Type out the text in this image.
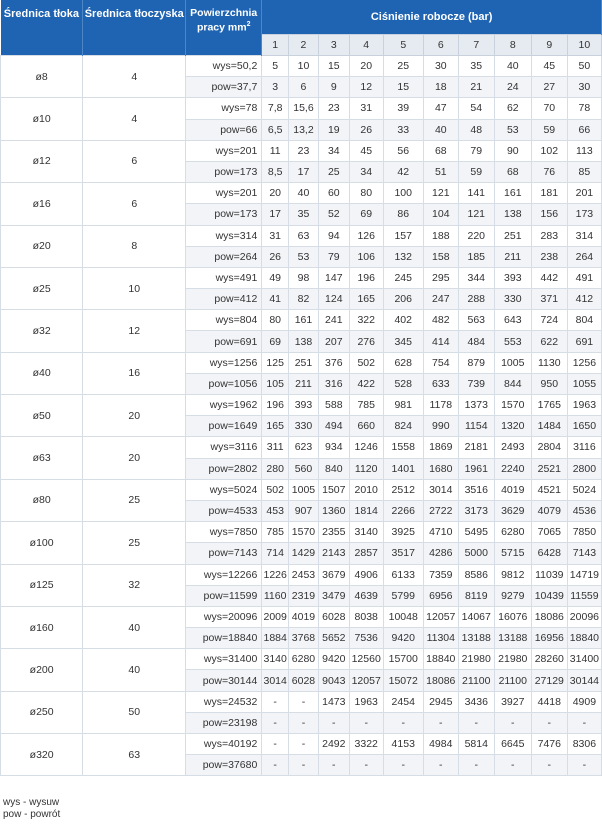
Średnica tłoka	Średnica tłoczyska	Powierzchnia
pracy $mm^2$	Ciśnienie robocze (bar)									
			1	2	3	4	5	6	7	8	9	10
ø8	4	wys=50,2	5	10	15	20	25	30	35	40	45	50
		pow=37,7	3	6	9	12	15	18	21	24	27	30
ø10	4	wys=78	7,8	15,6	23	31	39	47	54	62	70	78
		pow=66	6,5	13,2	19	26	33	40	48	53	59	66
ø12	6	wys=201	11	23	34	45	56	68	79	90	102	113
		pow=173	8,5	17	25	34	42	51	59	68	76	85
ø16	6	wys=201	20	40	60	80	100	121	141	161	181	201
		pow=173	17	35	52	69	86	104	121	138	156	173
ø20	8	wys=314	31	63	94	126	157	188	220	251	283	314
		pow=264	26	53	79	106	132	158	185	211	238	264
ø25	10	wys=491	49	98	147	196	245	295	344	393	442	491
		pow=412	41	82	124	165	206	247	288	330	371	412
ø32	12	wys=804	80	161	241	322	402	482	563	643	724	804
		pow=691	69	138	207	276	345	414	484	553	622	691
ø40	16	wys=1256	125	251	376	502	628	754	879	1005	1130	1256
		pow=1056	105	211	316	422	528	633	739	844	950	1055
ø50	20	wys=1962	196	393	588	785	981	1178	1373	1570	1765	1963
		pow=1649	165	330	494	660	824	990	1154	1320	1484	1650
ø63	20	wys=3116	311	623	934	1246	1558	1869	2181	2493	2804	3116
		pow=2802	280	560	840	1120	1401	1680	1961	2240	2521	2800
ø80	25	wys=5024	502	1005	1507	2010	2512	3014	3516	4019	4521	5024
		pow=4533	453	907	1360	1814	2266	2722	3173	3629	4079	4536
ø100	25	wys=7850	785	1570	2355	3140	3925	4710	5495	6280	7065	7850
		pow=7143	714	1429	2143	2857	3517	4286	5000	5715	6428	7143
ø125	32	wys=12266	1226	2453	3679	4906	6133	7359	8586	9812	11039	14719
		pow=11599	1160	2319	3479	4639	5799	6956	8119	9279	10439	11559
ø160	40	wys=20096	2009	4019	6028	8038	10048	12057	14067	16076	18086	20096
		pow=18840	1884	3768	5652	7536	9420	11304	13188	13188	16956	18840
ø200	40	wys=31400	3140	6280	9420	12560	15700	18840	21980	21980	28260	31400
		pow=30144	3014	6028	9043	12057	15072	18086	21100	21100	27129	30144
ø250	50	wys=24532	-	-	1473	1963	2454	2945	3436	3927	4418	4909
		pow=23198	-	-	-	-	-	-	-	-	-	-
ø320	63	wys=40192	-	-	2492	3322	4153	4984	5814	6645	7476	8306
		pow=37680	-	-	-	-	-	-	-	-	-	-
wys - wysuw
pow - powrót
